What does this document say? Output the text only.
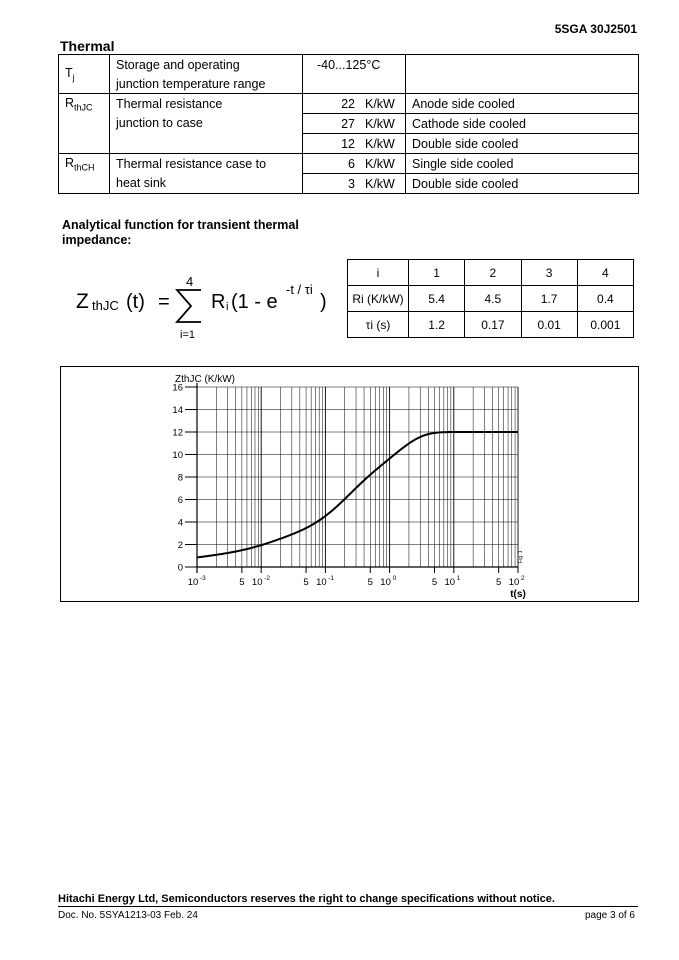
5SGA 30J2501
Thermal
$T_j$	Storage and operating	-40...125°C	
	junction temperature range		
$R_{thJC}$	Thermal resistance	22 K/kW	Anode side cooled
	junction to case	27 K/kW	Cathode side cooled
		12 K/kW	Double side cooled
$R_{thCH}$	Thermal resistance case to	6 K/kW	Single side cooled
	heat sink	3 K/kW	Double side cooled
Analytical function for transient thermal impedance:
Z thJC (t) =
4
i=1
R i (1 - e
-t / τi
)
i	1	2	3	4
Ri (K/kW)	5.4	4.5	1.7	0.4
τi (s)	1.2	0.17	0.01	0.001
0
2
4
6
8
10
12
14
16
10 -3	5 10 -2	5 10 -1	5 10 0	5 10 1	5 10 2
ZthJC (K/kW)
t(s)
Fig. 1
Hitachi Energy Ltd, Semiconductors reserves the right to change specifications without notice.
Doc. No. 5SYA1213-03 Feb. 24	page 3 of 6
